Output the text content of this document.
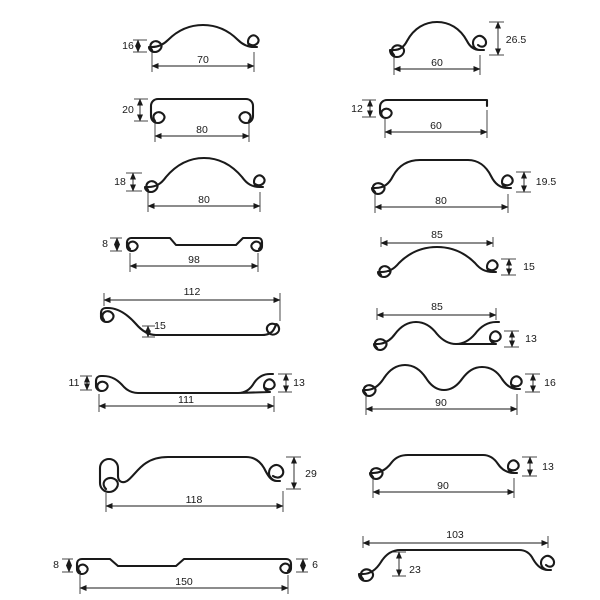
16
70
26.5
60
20
80
12
60
18
80
19.5
80
8
98
15
85
15
112
13
85
11	13
111
16
90
29
118
13
90
8	6
150
23
103
